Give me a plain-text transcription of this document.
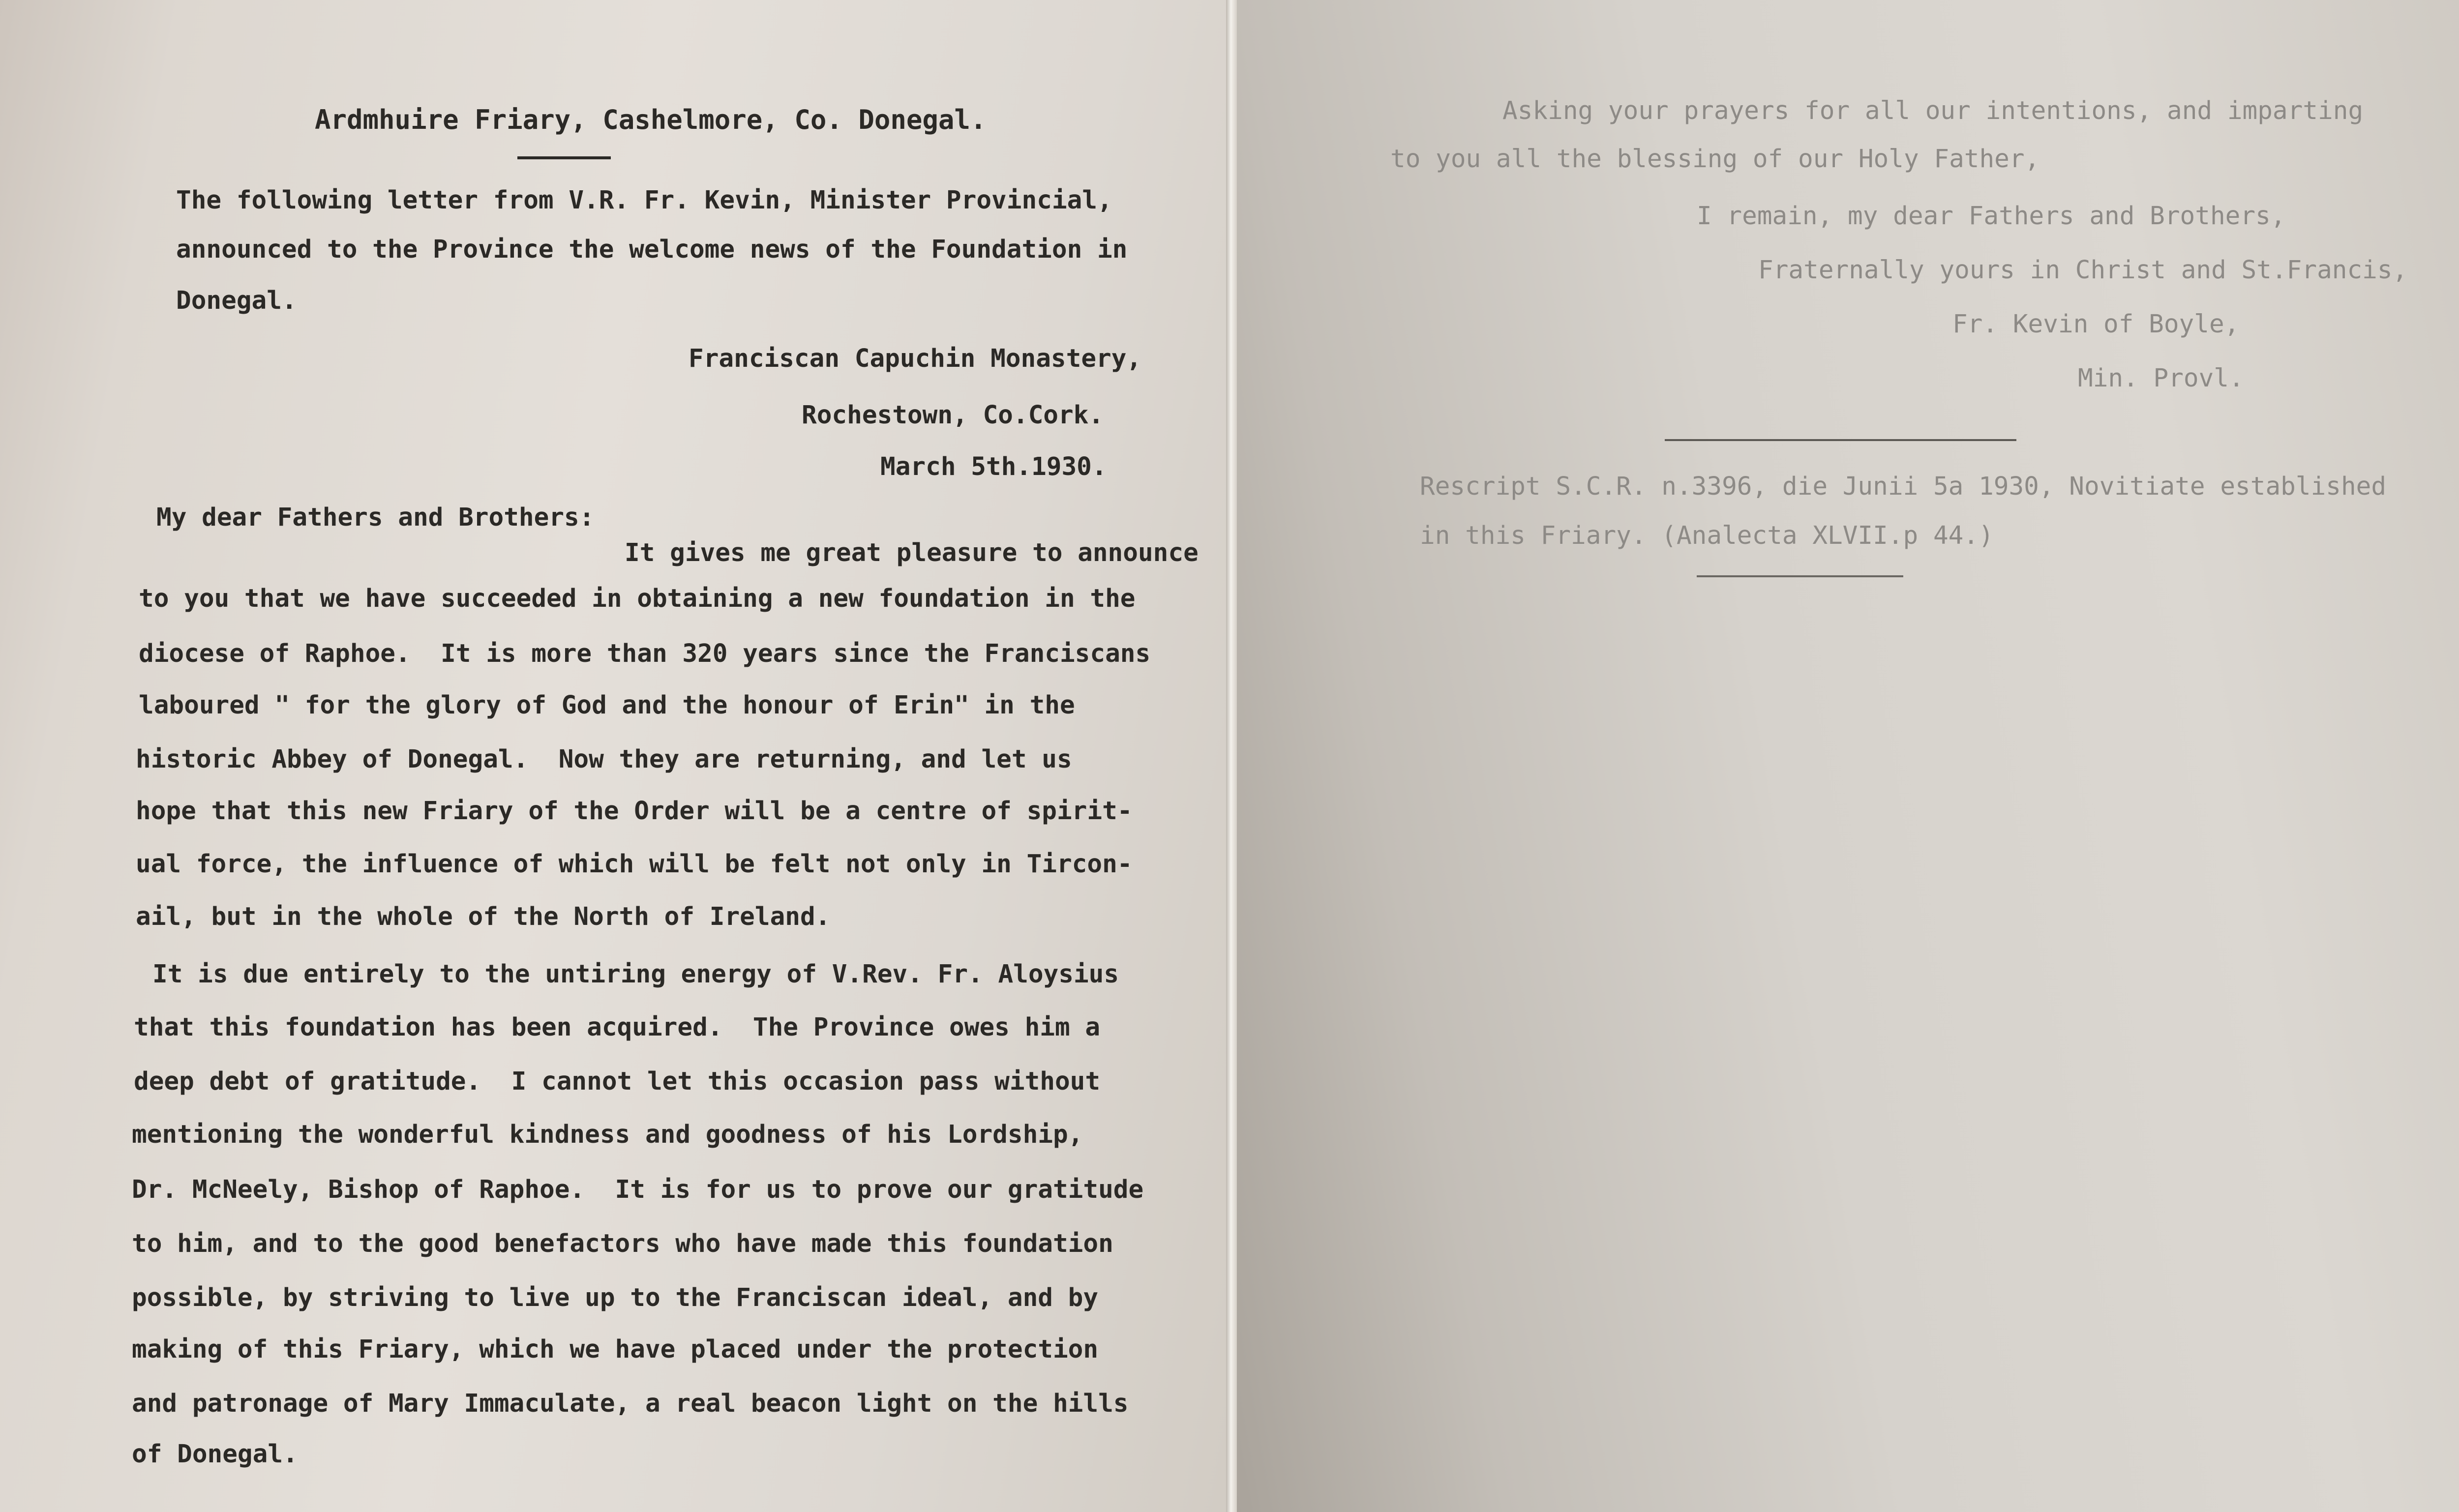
Ardmhuire Friary, Cashelmore, Co. Donegal.
The following letter from V.R. Fr. Kevin, Minister Provincial,
announced to the Province the welcome news of the Foundation in
Donegal.
Franciscan Capuchin Monastery,
Rochestown, Co.Cork.
March 5th.1930.
My dear Fathers and Brothers:
It gives me great pleasure to announce
to you that we have succeeded in obtaining a new foundation in the
diocese of Raphoe.  It is more than 320 years since the Franciscans
laboured " for the glory of God and the honour of Erin" in the
historic Abbey of Donegal.  Now they are returning, and let us
hope that this new Friary of the Order will be a centre of spirit-
ual force, the influence of which will be felt not only in Tircon-
ail, but in the whole of the North of Ireland.
It is due entirely to the untiring energy of V.Rev. Fr. Aloysius
that this foundation has been acquired.  The Province owes him a
deep debt of gratitude.  I cannot let this occasion pass without
mentioning the wonderful kindness and goodness of his Lordship,
Dr. McNeely, Bishop of Raphoe.  It is for us to prove our gratitude
to him, and to the good benefactors who have made this foundation
possible, by striving to live up to the Franciscan ideal, and by
making of this Friary, which we have placed under the protection
and patronage of Mary Immaculate, a real beacon light on the hills
of Donegal.
Asking your prayers for all our intentions, and imparting
to you all the blessing of our Holy Father,
I remain, my dear Fathers and Brothers,
Fraternally yours in Christ and St.Francis,
Fr. Kevin of Boyle,
Min. Provl.
Rescript S.C.R. n.3396, die Junii 5a 1930, Novitiate established
in this Friary. (Analecta XLVII.p 44.)
